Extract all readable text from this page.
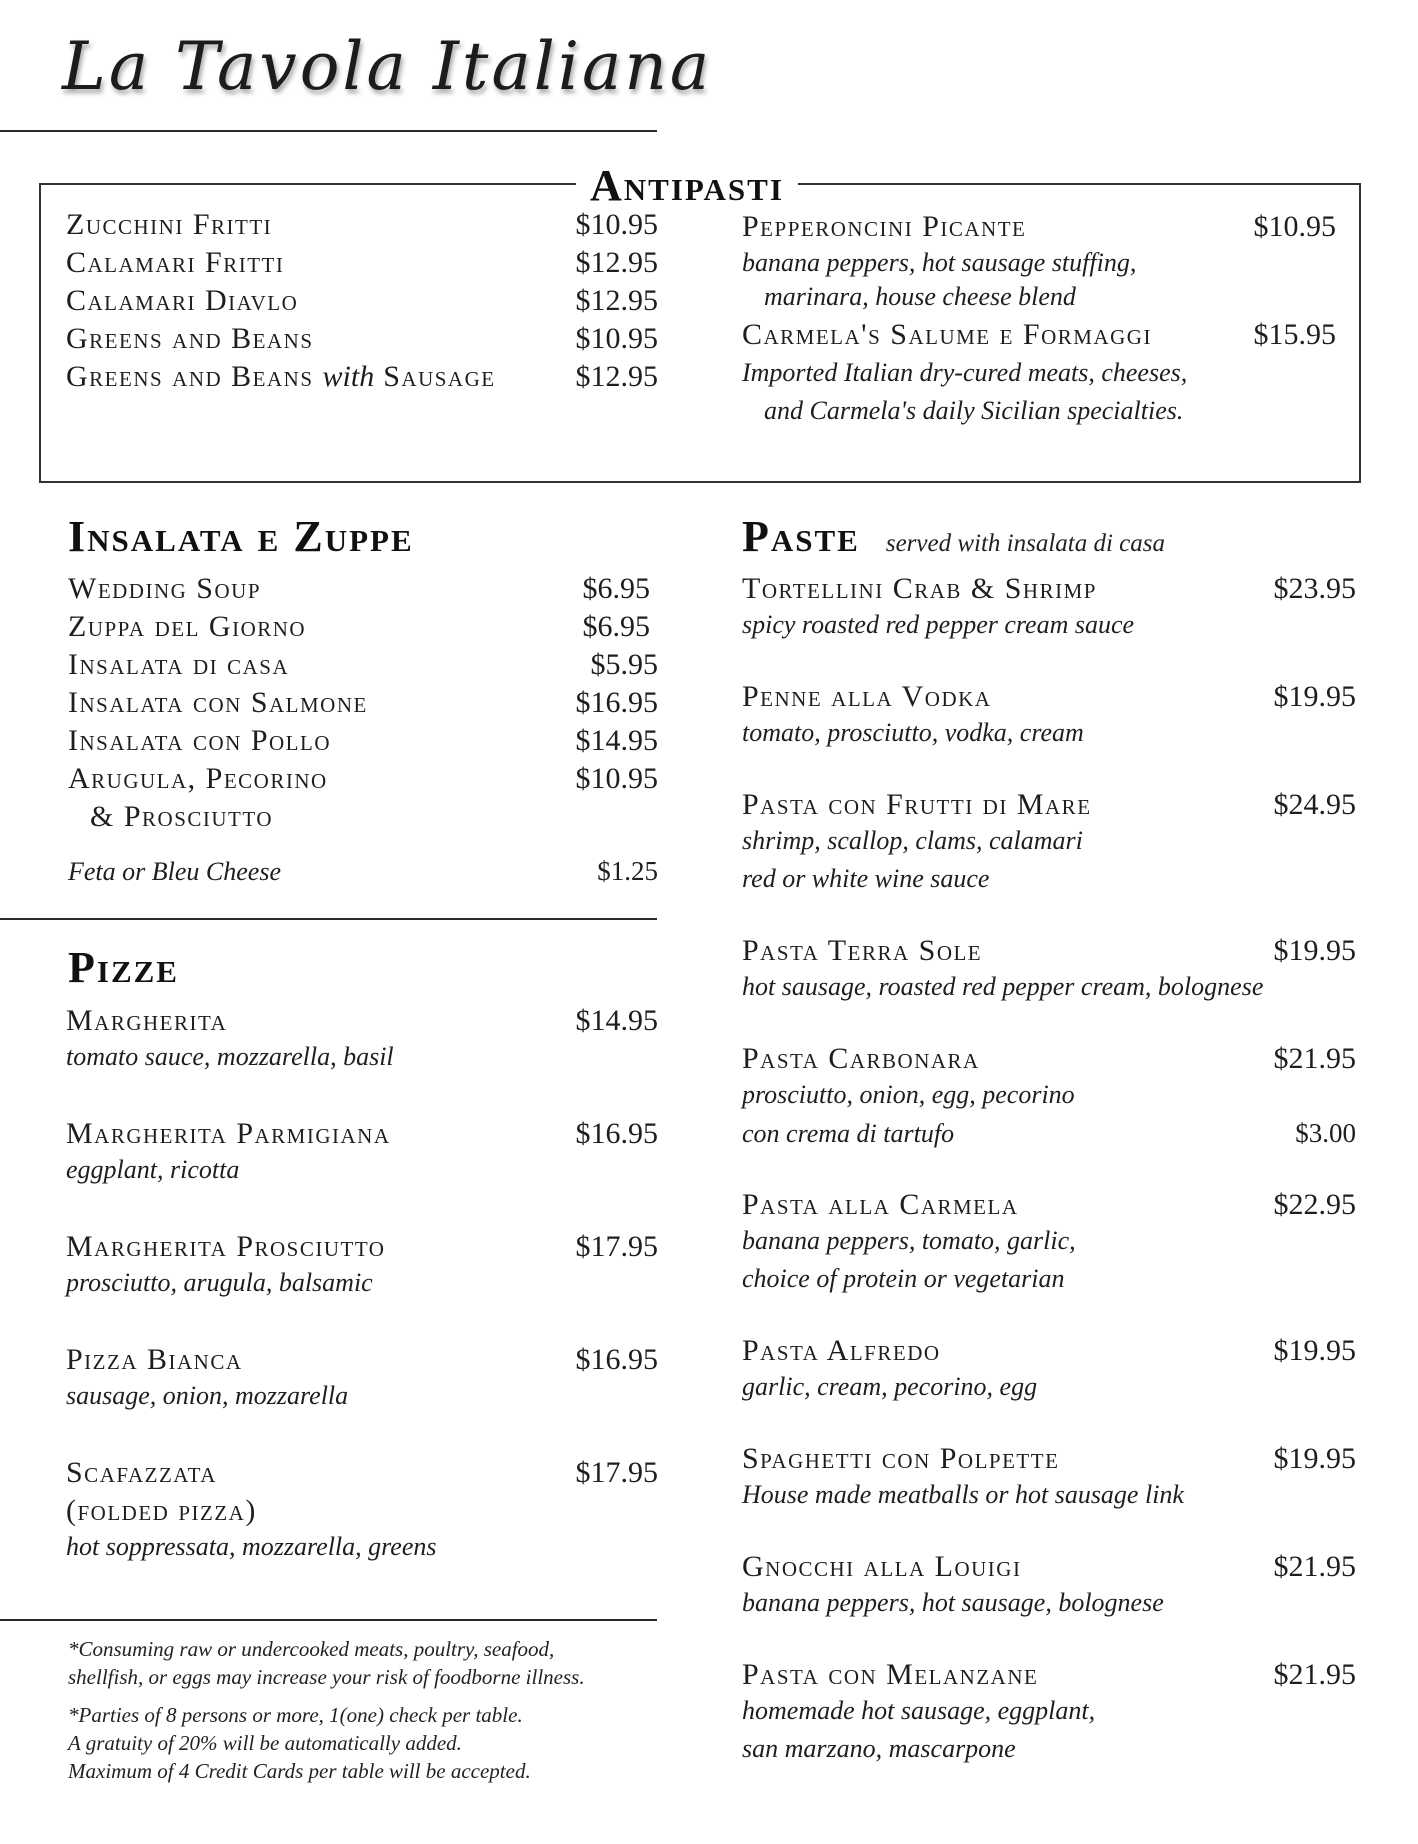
La Tavola Italiana
Antipasti
Zucchini Fritti	$10.95
Calamari Fritti	$12.95
Calamari Diavlo	$12.95
Greens and Beans	$10.95
Greens and Beans with Sausage	$12.95
Pepperoncini Picante	$10.95
banana peppers, hot sausage stuffing,
marinara, house cheese blend
Carmela's Salume e Formaggi	$15.95
Imported Italian dry-cured meats, cheeses,
and Carmela's daily Sicilian specialties.
Insalata e Zuppe
Wedding Soup	$6.95
Zuppa del Giorno	$6.95
Insalata di casa	$5.95
Insalata con Salmone	$16.95
Insalata con Pollo	$14.95
Arugula, Pecorino	$10.95
& Prosciutto
Feta or Bleu Cheese	$1.25
Pizze
Margherita	$14.95
tomato sauce, mozzarella, basil
Margherita Parmigiana	$16.95
eggplant, ricotta
Margherita Prosciutto	$17.95
prosciutto, arugula, balsamic
Pizza Bianca	$16.95
sausage, onion, mozzarella
Scafazzata	$17.95
(folded pizza)
hot soppressata, mozzarella, greens
*Consuming raw or undercooked meats, poultry, seafood,
shellfish, or eggs may increase your risk of foodborne illness.
*Parties of 8 persons or more, 1(one) check per table.
A gratuity of 20% will be automatically added.
Maximum of 4 Credit Cards per table will be accepted.
Paste served with insalata di casa
Tortellini Crab & Shrimp	$23.95
spicy roasted red pepper cream sauce
Penne alla Vodka	$19.95
tomato, prosciutto, vodka, cream
Pasta con Frutti di Mare	$24.95
shrimp, scallop, clams, calamari
red or white wine sauce
Pasta Terra Sole	$19.95
hot sausage, roasted red pepper cream, bolognese
Pasta Carbonara	$21.95
prosciutto, onion, egg, pecorino
con crema di tartufo	$3.00
Pasta alla Carmela	$22.95
banana peppers, tomato, garlic,
choice of protein or vegetarian
Pasta Alfredo	$19.95
garlic, cream, pecorino, egg
Spaghetti con Polpette	$19.95
House made meatballs or hot sausage link
Gnocchi alla Louigi	$21.95
banana peppers, hot sausage, bolognese
Pasta con Melanzane	$21.95
homemade hot sausage, eggplant,
san marzano, mascarpone
